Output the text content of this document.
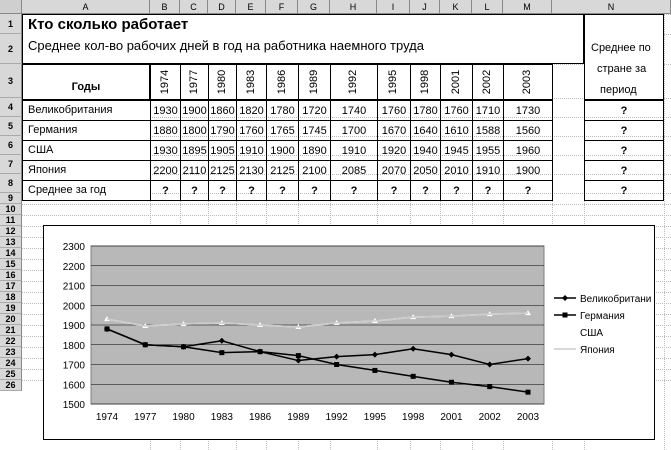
A	B	C	D	E	F	G	H	I	J	K	L	M	N
1
2
3
4
5
6
7
8
9
10
11
12
13
14
15
16
17
18
19
20
21
22
23
24
25
26
Кто сколько работает
Среднее кол-во рабочих дней в год на работника наемного труда	Среднее по
стране за
период
Годы	1974 1977 1980 1983 1986 1989	1992	1995 1998 2001 2002	2003
Великобритания	1930 1900 1860 1820 1780 1720	1740	1760 1780 1760 1710	1730	?
Германия	1880 1800 1790 1760 1765 1745	1700	1670 1640 1610 1588	1560	?
США	1930 1895 1905 1910 1900 1890	1910	1920 1940 1945 1955	1960	?
Япония	2200 2110 2125 2130 2125 2100	2085	2070 2050 2010 1910	1900	?
Среднее за год	?	?	?	?	?	?	?	?	?	?	?	?	?
1500
1600
1700
1800
1900
2000
2100
2200
2300
1974 1977 1980 1983 1986 1989 1992 1995 1998 2001 2002 2003
Великобритани
Германия
США
Япония
